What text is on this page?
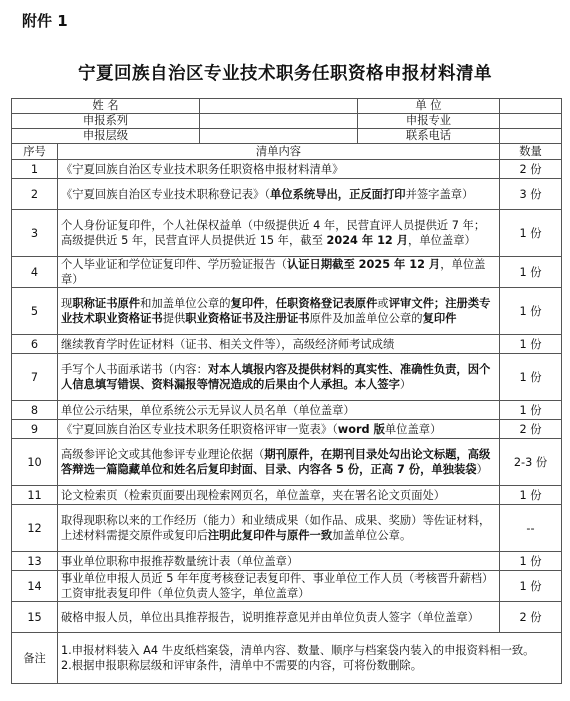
附件 1
宁夏回族自治区专业技术职务任职资格申报材料清单
姓 名			单 位	
申报系列			申报专业	
申报层级			联系电话	
序号	清单内容			数量
1	《宁夏回族自治区专业技术职务任职资格申报材料清单》			2 份
2	《宁夏回族自治区专业技术职称登记表》（单位系统导出，正反面打印并签字盖章）			3 份
3	个人身份证复印件，个人社保权益单（中级提供近 4 年，民营直评人员提供近 7 年；高级提供近 5 年，民营直评人员提供近 15 年，截至 2024 年 12 月，单位盖章）			1 份
4	个人毕业证和学位证复印件、学历验证报告（认证日期截至 2025 年 12 月，单位盖章）			1 份
5	现职称证书原件和加盖单位公章的复印件，任职资格登记表原件或评审文件；注册类专业技术职业资格证书提供职业资格证书及注册证书原件及加盖单位公章的复印件			1 份
6	继续教育学时佐证材料（证书、相关文件等），高级经济师考试成绩			1 份
7	手写个人书面承诺书（内容：对本人填报内容及提供材料的真实性、准确性负责，因个人信息填写错误、资料漏报等情况造成的后果由个人承担。本人签字）			1 份
8	单位公示结果，单位系统公示无异议人员名单（单位盖章）			1 份
9	《宁夏回族自治区专业技术职务任职资格评审一览表》（word 版单位盖章）			2 份
10	高级参评论文或其他参评专业理论依据（期刊原件，在期刊目录处勾出论文标题，高级答辩选一篇隐藏单位和姓名后复印封面、目录、内容各 5 份，正高 7 份，单独装袋）			2-3 份
11	论文检索页（检索页面要出现检索网页名，单位盖章，夹在署名论文页面处）			1 份
12	取得现职称以来的工作经历（能力）和业绩成果（如作品、成果、奖励）等佐证材料，上述材料需提交原件或复印后注明此复印件与原件一致加盖单位公章。			--
13	事业单位职称申报推荐数量统计表（单位盖章）			1 份
14	事业单位申报人员近 5 年年度考核登记表复印件、事业单位工作人员（考核晋升薪档）工资审批表复印件（单位负责人签字，单位盖章）			1 份
15	破格申报人员，单位出具推荐报告，说明推荐意见并由单位负责人签字（单位盖章）			2 份
备注	1.申报材料装入 A4 牛皮纸档案袋，清单内容、数量、顺序与档案袋内装入的申报资料相一致。
2.根据申报职称层级和评审条件，清单中不需要的内容，可将份数删除。			
